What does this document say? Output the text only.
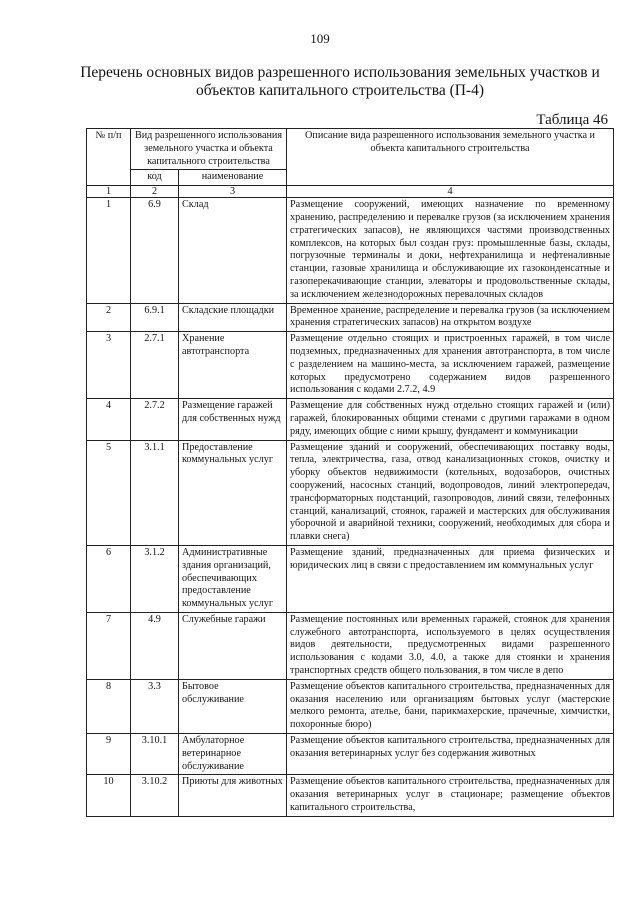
109
Перечень основных видов разрешенного использования земельных участков и объектов капитального строительства (П-4)
Таблица 46
№ п/п	Вид разрешенного использования земельного участка и объекта капитального строительства		Описание вида разрешенного использования земельного участка и объекта капитального строительства
	код	наименование	
1	2	3	4
1	6.9	Склад	Размещение сооружений, имеющих назначение по временному хранению, распределению и перевалке грузов (за исключением хранения стратегических запасов), не являющихся частями производственных комплексов, на которых был создан груз: промышленные базы, склады, погрузочные терминалы и доки, нефтехранилища и нефтеналивные станции, газовые хранилища и обслуживающие их газоконденсатные и газоперекачивающие станции, элеваторы и продовольственные склады, за исключением железнодорожных перевалочных складов
2	6.9.1	Складские площадки	Временное хранение, распределение и перевалка грузов (за исключением хранения стратегических запасов) на открытом воздухе
3	2.7.1	Хранение автотранспорта	Размещение отдельно стоящих и пристроенных гаражей, в том числе подземных, предназначенных для хранения автотранспорта, в том числе с разделением на машино-места, за исключением гаражей, размещение которых предусмотрено содержанием видов разрешенного использования с кодами 2.7.2, 4.9
4	2.7.2	Размещение гаражей для собственных нужд	Размещение для собственных нужд отдельно стоящих гаражей и (или) гаражей, блокированных общими стенами с другими гаражами в одном ряду, имеющих общие с ними крышу, фундамент и коммуникации
5	3.1.1	Предоставление коммунальных услуг	Размещение зданий и сооружений, обеспечивающих поставку воды, тепла, электричества, газа, отвод канализационных стоков, очистку и уборку объектов недвижимости (котельных, водозаборов, очистных сооружений, насосных станций, водопроводов, линий электропередач, трансформаторных подстанций, газопроводов, линий связи, телефонных станций, канализаций, стоянок, гаражей и мастерских для обслуживания уборочной и аварийной техники, сооружений, необходимых для сбора и плавки снега)
6	3.1.2	Административные здания организаций, обеспечивающих предоставление коммунальных услуг	Размещение зданий, предназначенных для приема физических и юридических лиц в связи с предоставлением им коммунальных услуг
7	4.9	Служебные гаражи	Размещение постоянных или временных гаражей, стоянок для хранения служебного автотранспорта, используемого в целях осуществления видов деятельности, предусмотренных видами разрешенного использования с кодами 3.0, 4.0, а также для стоянки и хранения транспортных средств общего пользования, в том числе в депо
8	3.3	Бытовое обслуживание	Размещение объектов капитального строительства, предназначенных для оказания населению или организациям бытовых услуг (мастерские мелкого ремонта, ателье, бани, парикмахерские, прачечные, химчистки, похоронные бюро)
9	3.10.1	Амбулаторное ветеринарное обслуживание	Размещение объектов капитального строительства, предназначенных для оказания ветеринарных услуг без содержания животных
10	3.10.2	Приюты для животных	Размещение объектов капитального строительства, предназначенных для оказания ветеринарных услуг в стационаре; размещение объектов капитального строительства,
